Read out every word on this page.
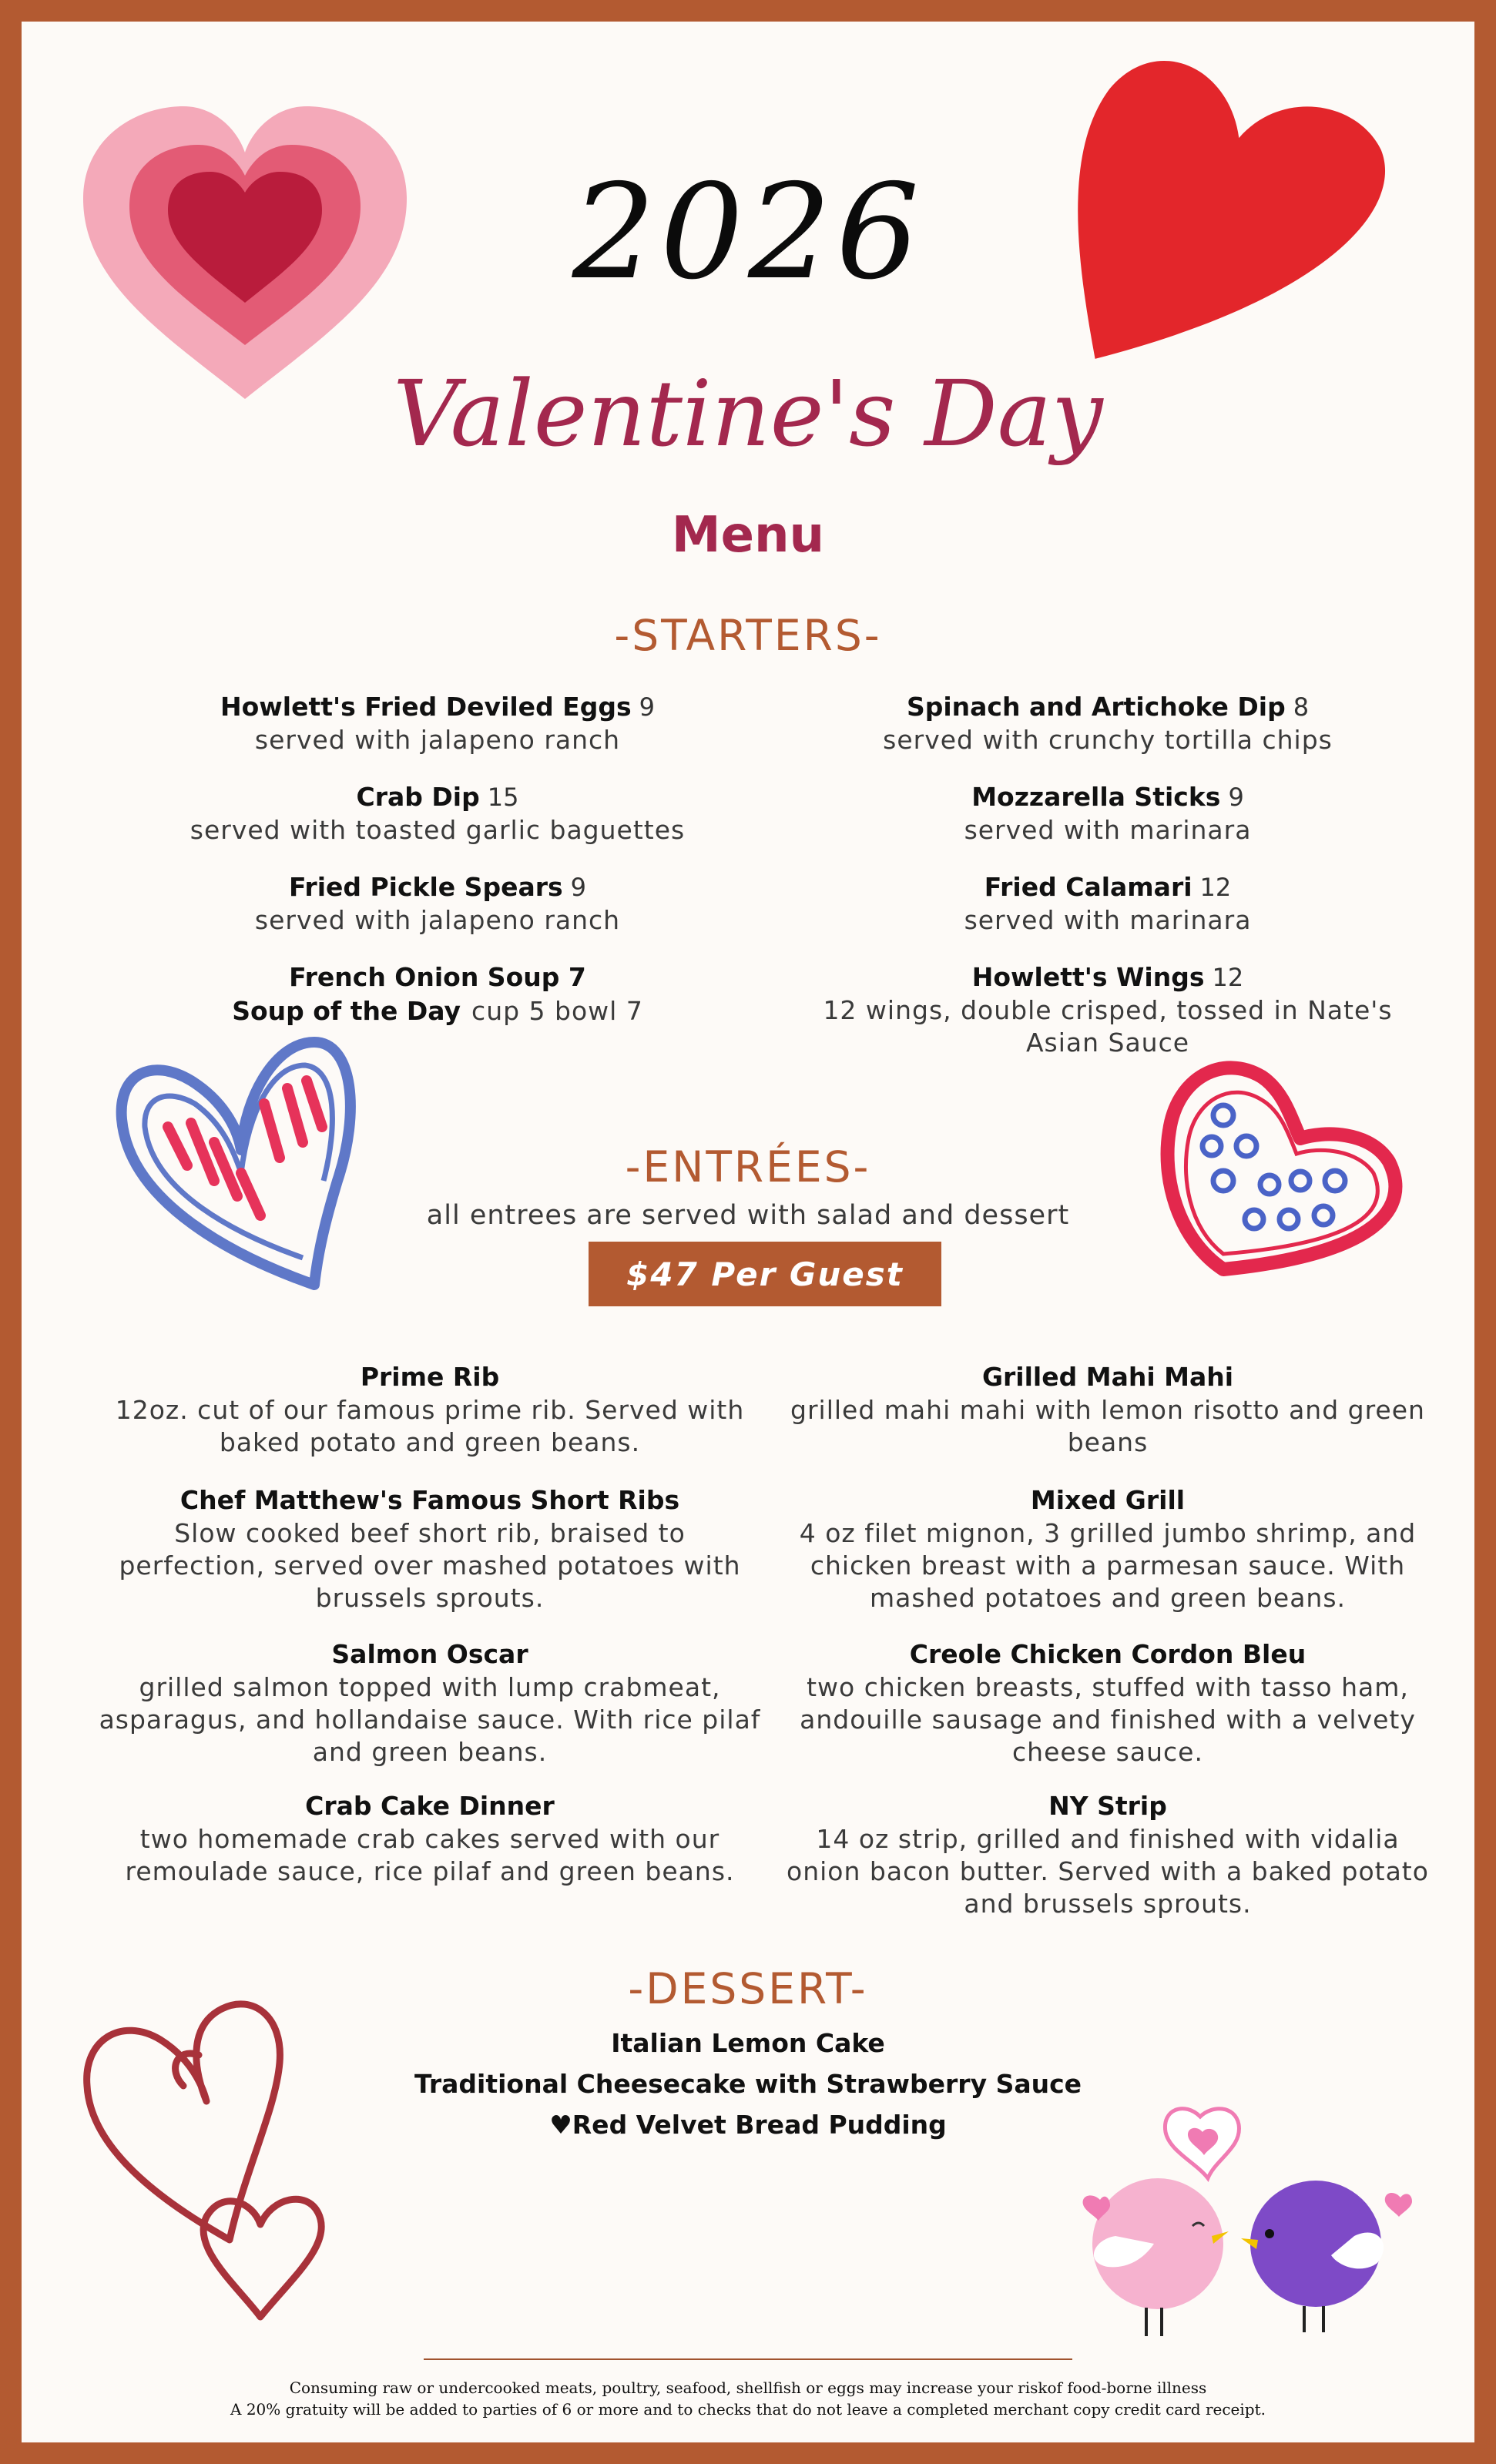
2026
Valentine's Day
Menu
-STARTERS-
Howlett's Fried Deviled Eggs 9
served with jalapeno ranch
Crab Dip 15
served with toasted garlic baguettes
Fried Pickle Spears 9
served with jalapeno ranch
French Onion Soup 7
Soup of the Day cup 5 bowl 7
Spinach and Artichoke Dip 8
served with crunchy tortilla chips
Mozzarella Sticks 9
served with marinara
Fried Calamari 12
served with marinara
Howlett's Wings 12
12 wings, double crisped, tossed in Nate's Asian Sauce
-ENTRÉES-
all entrees are served with salad and dessert
$47 Per Guest
Prime Rib
12oz. cut of our famous prime rib. Served with baked potato and green beans.
Chef Matthew's Famous Short Ribs
Slow cooked beef short rib, braised to perfection, served over mashed potatoes with brussels sprouts.
Salmon Oscar
grilled salmon topped with lump crabmeat, asparagus, and hollandaise sauce. With rice pilaf and green beans.
Crab Cake Dinner
two homemade crab cakes served with our remoulade sauce, rice pilaf and green beans.
Grilled Mahi Mahi
grilled mahi mahi with lemon risotto and green beans
Mixed Grill
4 oz filet mignon, 3 grilled jumbo shrimp, and chicken breast with a parmesan sauce. With mashed potatoes and green beans.
Creole Chicken Cordon Bleu
two chicken breasts, stuffed with tasso ham, andouille sausage and finished with a velvety cheese sauce.
NY Strip
14 oz strip, grilled and finished with vidalia onion bacon butter. Served with a baked potato and brussels sprouts.
-DESSERT-
Italian Lemon Cake
Traditional Cheesecake with Strawberry Sauce
♥Red Velvet Bread Pudding
Consuming raw or undercooked meats, poultry, seafood, shellfish or eggs may increase your riskof food-borne illness
A 20% gratuity will be added to parties of 6 or more and to checks that do not leave a completed merchant copy credit card receipt.
